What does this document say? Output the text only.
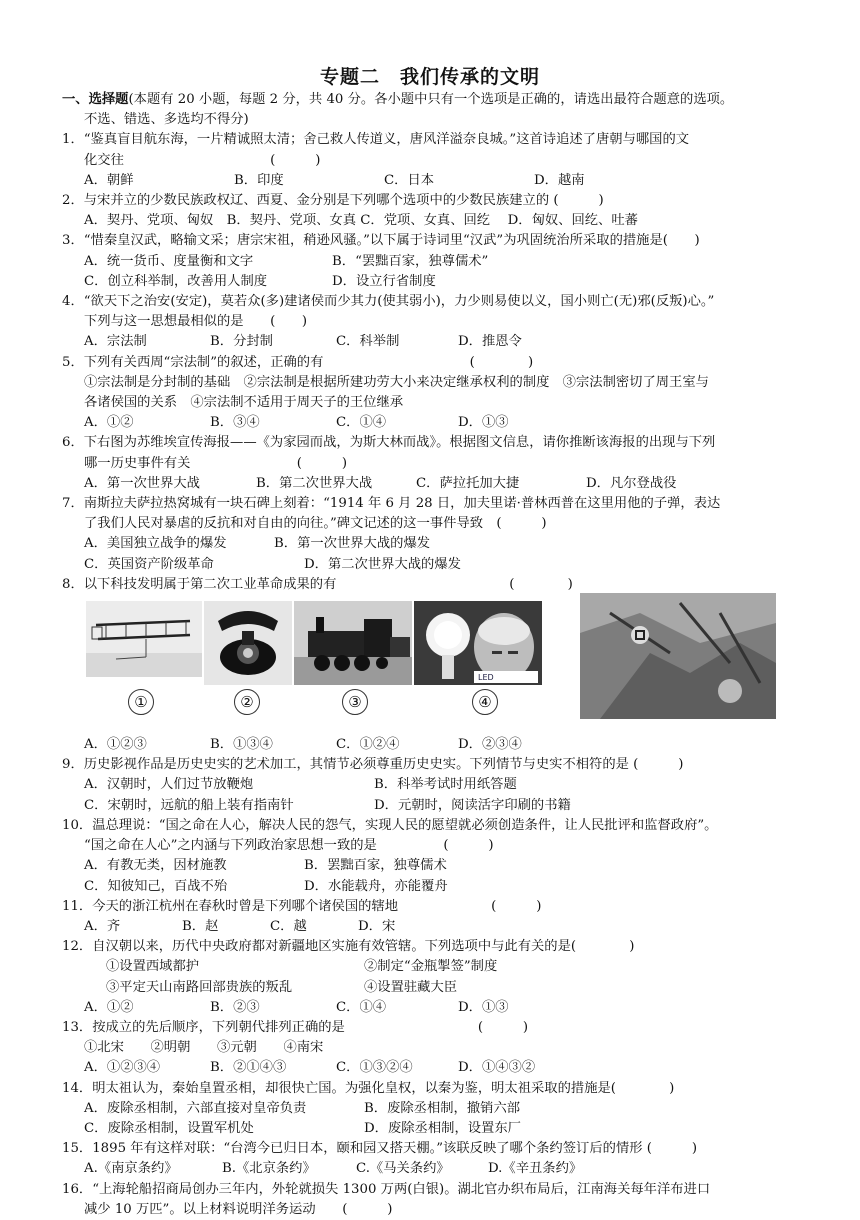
专题二　我们传承的文明
一、选择题(本题有 20 小题，每题 2 分，共 40 分。各小题中只有一个选项是正确的，请选出最符合题意的选项。
不选、错选、多选均不得分)
1．“鉴真盲目航东海，一片精诚照太清；舍己救人传道义，唐风洋溢奈良城。”这首诗追述了唐朝与哪国的文
化交往　　　　　　　　　　　(　　　)
A．朝鲜	B．印度	C．日本	D．越南
2．与宋并立的少数民族政权辽、西夏、金分别是下列哪个选项中的少数民族建立的 (　　　)
A．契丹、党项、匈奴　B．契丹、党项、女真 C．党项、女真、回纥　 D．匈奴、回纥、吐蕃
3．“惜秦皇汉武，略输文采；唐宗宋祖，稍逊风骚。”以下属于诗词里“汉武”为巩固统治所采取的措施是(　　)
A．统一货币、度量衡和文字	B．“罢黜百家，独尊儒术”
C．创立科举制，改善用人制度	D．设立行省制度
4．“欲天下之治安(安定)，莫若众(多)建诸侯而少其力(使其弱小)，力少则易使以义，国小则亡(无)邪(反叛)心。”
下列与这一思想最相似的是　　(　　)
A．宗法制	B．分封制	C．科举制	D．推恩令
5．下列有关西周“宗法制”的叙述，正确的有　　　　　　　　　　　(　　　　)
①宗法制是分封制的基础　②宗法制是根据所建功劳大小来决定继承权利的制度　③宗法制密切了周王室与
各诸侯国的关系　④宗法制不适用于周天子的王位继承
A．①②	B．③④	C．①④	D．①③
6．下右图为苏维埃宣传海报——《为家园而战，为斯大林而战》。根据图文信息，请你推断该海报的出现与下列
哪一历史事件有关　　　　　　　　(　　　)
A．第一次世界大战	B．第二次世界大战	C．萨拉托加大捷	D．凡尔登战役
7．南斯拉夫萨拉热窝城有一块石碑上刻着：“1914 年 6 月 28 日，加夫里诺·普林西普在这里用他的子弹，表达
了我们人民对暴虐的反抗和对自由的向往。”碑文记述的这一事件导致　(　　　)
A．美国独立战争的爆发	B．第一次世界大战的爆发
C．英国资产阶级革命	D．第二次世界大战的爆发
8．以下科技发明属于第二次工业革命成果的有　　　　　　　　　　　　　(　　　　)
LED
①	②	③	④
A．①②③	B．①③④	C．①②④	D．②③④
9．历史影视作品是历史史实的艺术加工，其情节必须尊重历史史实。下列情节与史实不相符的是 (　　　)
A．汉朝时，人们过节放鞭炮	B．科举考试时用纸答题
C．宋朝时，远航的船上装有指南针	D．元朝时，阅读活字印刷的书籍
10．温总理说：“国之命在人心，解决人民的怨气，实现人民的愿望就必须创造条件，让人民批评和监督政府”。
“国之命在人心”之内涵与下列政治家思想一致的是　　　　　(　　　)
A．有教无类，因材施教	B．罢黜百家，独尊儒术
C．知彼知己，百战不殆	D．水能载舟，亦能覆舟
11．今天的浙江杭州在春秋时曾是下列哪个诸侯国的辖地　　　　　　　(　　　)
A．齐	B．赵	C．越	D．宋
12．自汉朝以来，历代中央政府都对新疆地区实施有效管辖。下列选项中与此有关的是(　　　　)
①设置西域都护	②制定“金瓶掣签”制度
③平定天山南路回部贵族的叛乱	④设置驻藏大臣
A．①②	B．②③	C．①④	D．①③
13．按成立的先后顺序，下列朝代排列正确的是　　　　　　　　　　(　　　)
①北宋　　②明朝　　③元朝　　④南宋
A．①②③④	B．②①④③	C．①③②④	D．①④③②
14．明太祖认为，秦始皇置丞相，却很快亡国。为强化皇权，以秦为鉴，明太祖采取的措施是(　　　　)
A．废除丞相制，六部直接对皇帝负责	B．废除丞相制，撤销六部
C．废除丞相制，设置军机处	D．废除丞相制，设置东厂
15．1895 年有这样对联：“台湾今已归日本，颐和园又搭天棚。”该联反映了哪个条约签订后的情形 (　　　)
A.《南京条约》	B.《北京条约》	C.《马关条约》	D.《辛丑条约》
16．“上海轮船招商局创办三年内，外轮就损失 1300 万两(白银)。湖北官办织布局后，江南海关每年洋布进口
减少 10 万匹”。以上材料说明洋务运动　　(　　　)
